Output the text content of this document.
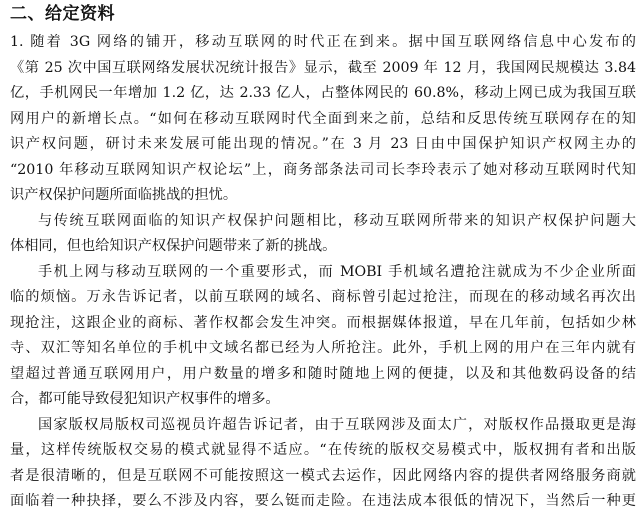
二、给定资料
1. 随着 3G 网络的铺开，移动互联网的时代正在到来。据中国互联网络信息中心发布的
《第 25 次中国互联网络发展状况统计报告》显示，截至 2009 年 12 月，我国网民规模达 3.84
亿，手机网民一年增加 1.2 亿，达 2.33 亿人，占整体网民的 60.8%，移动上网已成为我国互联
网用户的新增长点。“如何在移动互联网时代全面到来之前，总结和反思传统互联网存在的知
识产权问题，研讨未来发展可能出现的情况。”在 3 月 23 日由中国保护知识产权网主办的
“2010 年移动互联网知识产权论坛”上，商务部条法司司长李玲表示了她对移动互联网时代知
识产权保护问题所面临挑战的担忧。
与传统互联网面临的知识产权保护问题相比，移动互联网所带来的知识产权保护问题大
体相同，但也给知识产权保护问题带来了新的挑战。
手机上网与移动互联网的一个重要形式，而 MOBI 手机域名遭抢注就成为不少企业所面
临的烦恼。万永告诉记者，以前互联网的域名、商标曾引起过抢注，而现在的移动域名再次出
现抢注，这跟企业的商标、著作权都会发生冲突。而根据媒体报道，早在几年前，包括如少林
寺、双汇等知名单位的手机中文域名都已经为人所抢注。此外，手机上网的用户在三年内就有
望超过普通互联网用户，用户数量的增多和随时随地上网的便捷，以及和其他数码设备的结
合，都可能导致侵犯知识产权事件的增多。
国家版权局版权司巡视员许超告诉记者，由于互联网涉及面太广，对版权作品摄取更是海
量，这样传统版权交易的模式就显得不适应。“在传统的版权交易模式中，版权拥有者和出版
者是很清晰的，但是互联网不可能按照这一模式去运作，因此网络内容的提供者网络服务商就
面临着一种抉择，要么不涉及内容，要么铤而走险。在违法成本很低的情况下，当然后一种更
